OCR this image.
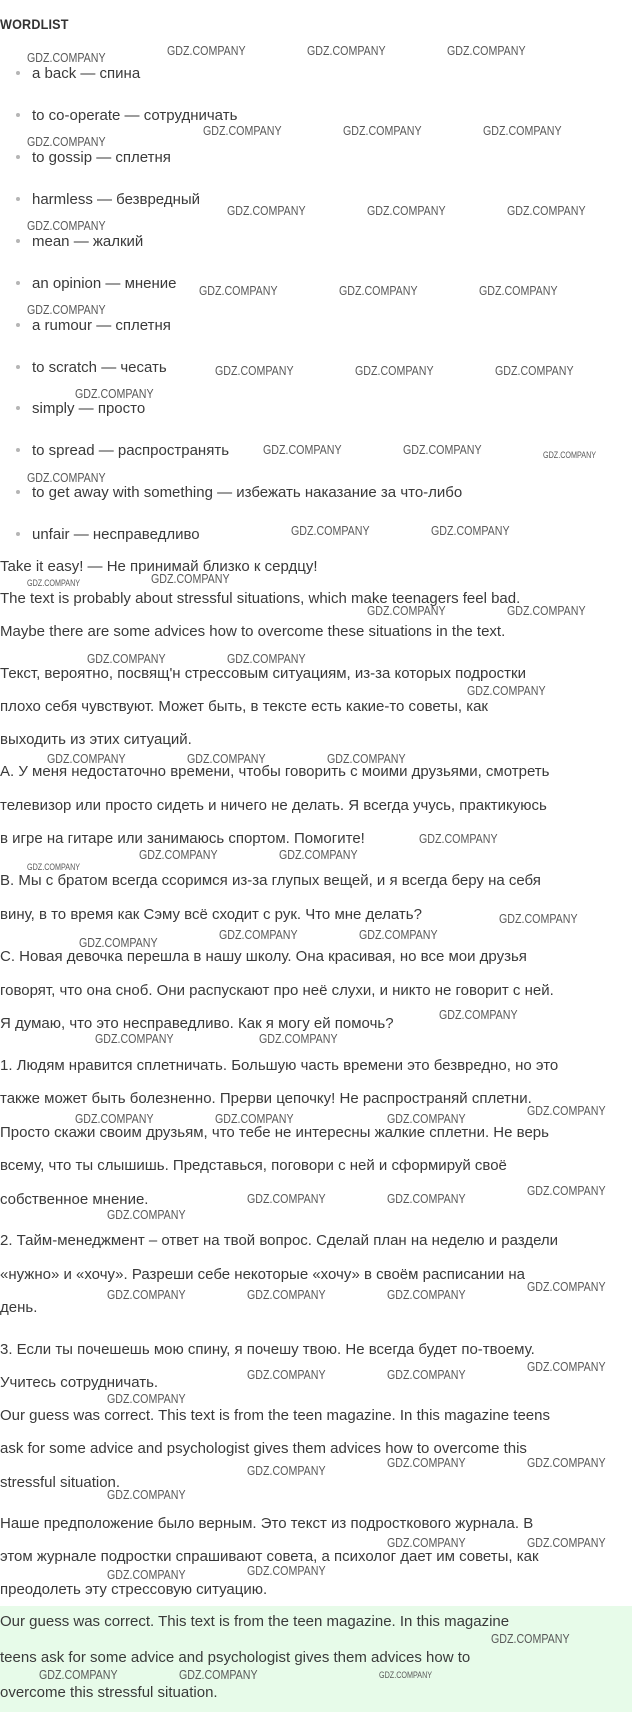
WORDLIST
a back — спина
to co-operate — сотрудничать
to gossip — сплетня
harmless — безвредный
mean — жалкий
an opinion — мнение
a rumour — сплетня
to scratch — чесать
simply — просто
to spread — распространять
to get away with something — избежать наказание за что-либо
unfair — несправедливо
Take it easy! — Не принимай близко к сердцу!
The text is probably about stressful situations, which make teenagers feel bad.
Maybe there are some advices how to overcome these situations in the text.
Текст, вероятно, посвящ'н стрессовым ситуациям, из-за которых подростки
плохо себя чувствуют. Может быть, в тексте есть какие-то советы, как
выходить из этих ситуаций.
A. У меня недостаточно времени, чтобы говорить с моими друзьями, смотреть
телевизор или просто сидеть и ничего не делать. Я всегда учусь, практикуюсь
в игре на гитаре или занимаюсь спортом. Помогите!
B. Мы с братом всегда ссоримся из-за глупых вещей, и я всегда беру на себя
вину, в то время как Сэму всё сходит с рук. Что мне делать?
C. Новая девочка перешла в нашу школу. Она красивая, но все мои друзья
говорят, что она сноб. Они распускают про неё слухи, и никто не говорит с ней.
Я думаю, что это несправедливо. Как я могу ей помочь?
1. Людям нравится сплетничать. Большую часть времени это безвредно, но это
также может быть болезненно. Прерви цепочку! Не распространяй сплетни.
Просто скажи своим друзьям, что тебе не интересны жалкие сплетни. Не верь
всему, что ты слышишь. Представься, поговори с ней и сформируй своё
собственное мнение.
2. Тайм-менеджмент – ответ на твой вопрос. Сделай план на неделю и раздели
«нужно» и «хочу». Разреши себе некоторые «хочу» в своём расписании на
день.
3. Если ты почешешь мою спину, я почешу твою. Не всегда будет по-твоему.
Учитесь сотрудничать.
Our guess was correct. This text is from the teen magazine. In this magazine teens
ask for some advice and psychologist gives them advices how to overcome this
stressful situation.
Наше предположение было верным. Это текст из подросткового журнала. В
этом журнале подростки спрашивают совета, а психолог дает им советы, как
преодолеть эту стрессовую ситуацию.
Our guess was correct. This text is from the teen magazine. In this magazine
teens ask for some advice and psychologist gives them advices how to
overcome this stressful situation.
GDZ.COMPANY	GDZ.COMPANY	GDZ.COMPANY	GDZ.COMPANY
GDZ.COMPANY	GDZ.COMPANY	GDZ.COMPANY
GDZ.COMPANY
GDZ.COMPANY	GDZ.COMPANY	GDZ.COMPANY
GDZ.COMPANY
GDZ.COMPANY	GDZ.COMPANY	GDZ.COMPANY
GDZ.COMPANY
GDZ.COMPANY	GDZ.COMPANY	GDZ.COMPANY
GDZ.COMPANY
GDZ.COMPANY	GDZ.COMPANY	GDZ.COMPANY
GDZ.COMPANY
GDZ.COMPANY	GDZ.COMPANY
GDZ.COMPANY	GDZ.COMPANY
GDZ.COMPANY	GDZ.COMPANY
GDZ.COMPANY	GDZ.COMPANY
GDZ.COMPANY
GDZ.COMPANY	GDZ.COMPANY	GDZ.COMPANY
GDZ.COMPANY
GDZ.COMPANY	GDZ.COMPANY
GDZ.COMPANY
GDZ.COMPANY
GDZ.COMPANY	GDZ.COMPANY
GDZ.COMPANY
GDZ.COMPANY
GDZ.COMPANY	GDZ.COMPANY
GDZ.COMPANY
GDZ.COMPANY	GDZ.COMPANY	GDZ.COMPANY
GDZ.COMPANY
GDZ.COMPANY	GDZ.COMPANY
GDZ.COMPANY
GDZ.COMPANY
GDZ.COMPANY	GDZ.COMPANY
GDZ.COMPANY
GDZ.COMPANY
GDZ.COMPANY	GDZ.COMPANY
GDZ.COMPANY
GDZ.COMPANY
GDZ.COMPANY
GDZ.COMPANY
GDZ.COMPANY
GDZ.COMPANY	GDZ.COMPANY
GDZ.COMPANY	GDZ.COMPANY
GDZ.COMPANY
GDZ.COMPANY	GDZ.COMPANY	GDZ.COMPANY
